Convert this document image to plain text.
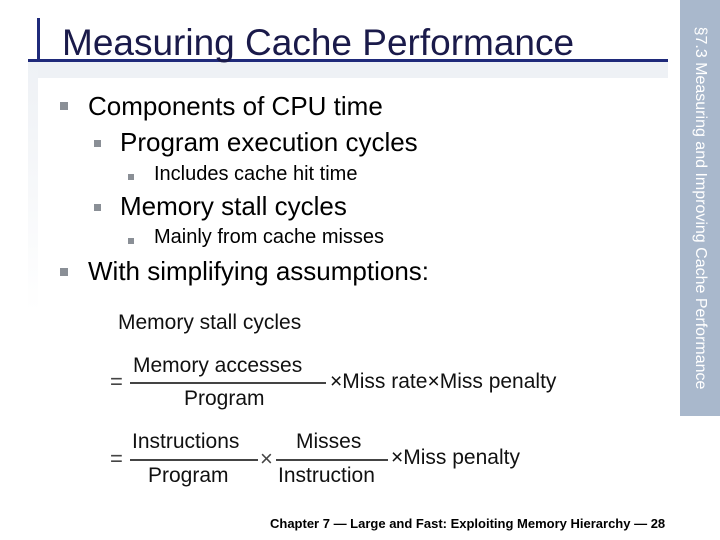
Measuring Cache Performance	§7.3 Measuring and Improving Cache Performance
Components of CPU time
Program execution cycles
Includes cache hit time
Memory stall cycles
Mainly from cache misses
With simplifying assumptions:
Memory stall cycles
=
Memory accesses
Program
×Miss rate×Miss penalty
=
Instructions
Program
×
Misses
Instruction
×Miss penalty
Chapter 7 — Large and Fast: Exploiting Memory Hierarchy — 28
